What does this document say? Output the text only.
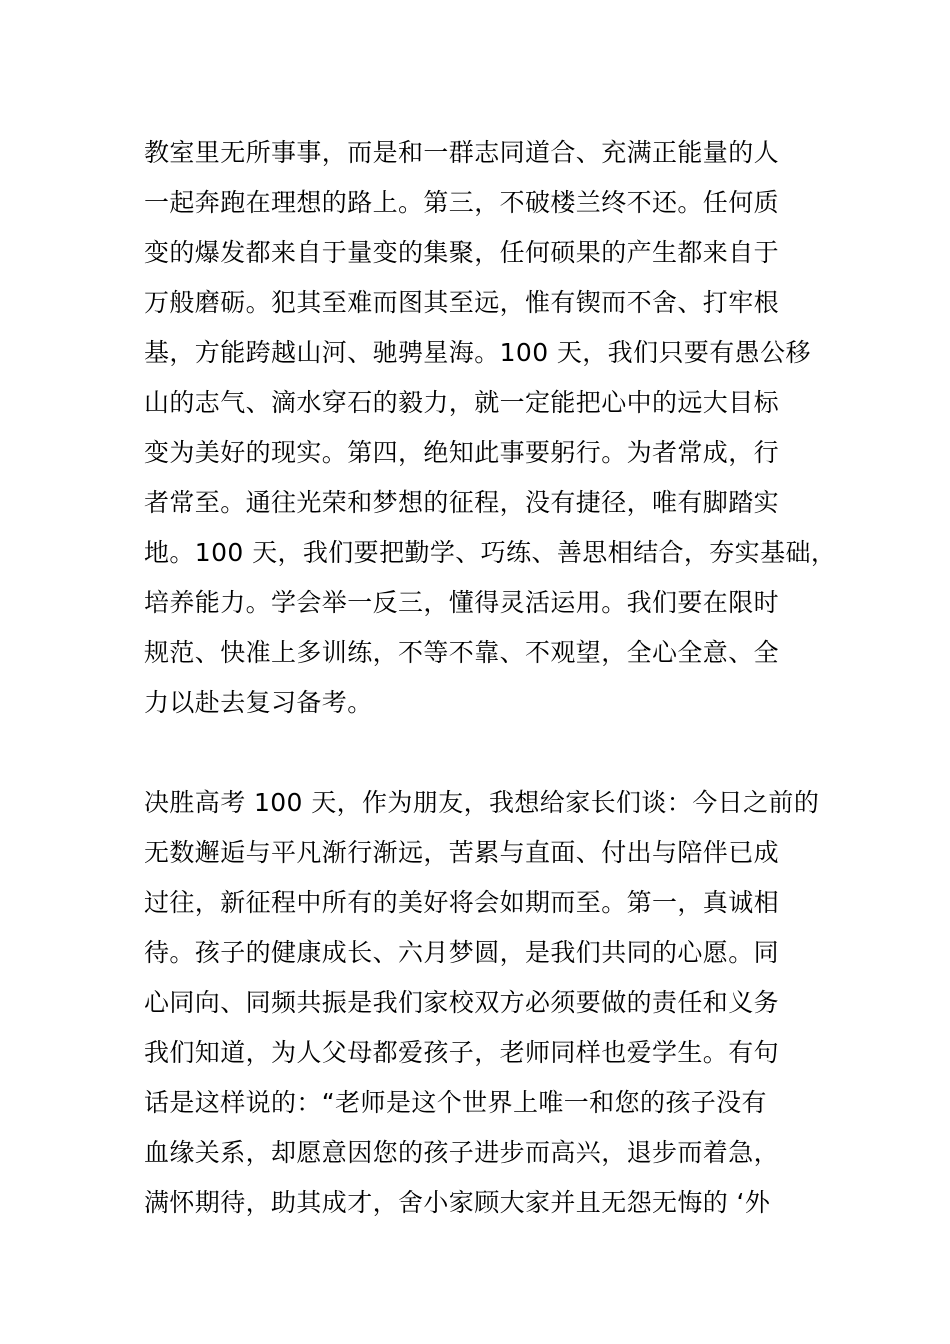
教室里无所事事，而是和一群志同道合、充满正能量的人
一起奔跑在理想的路上。第三，不破楼兰终不还。任何质
变的爆发都来自于量变的集聚，任何硕果的产生都来自于
万般磨砺。犯其至难而图其至远，惟有锲而不舍、打牢根
基，方能跨越山河、驰骋星海。100 天，我们只要有愚公移
山的志气、滴水穿石的毅力，就一定能把心中的远大目标
变为美好的现实。第四，绝知此事要躬行。为者常成，行
者常至。通往光荣和梦想的征程，没有捷径，唯有脚踏实
地。100 天，我们要把勤学、巧练、善思相结合，夯实基础，
培养能力。学会举一反三，懂得灵活运用。我们要在限时
规范、快准上多训练，不等不靠、不观望，全心全意、全
力以赴去复习备考。
决胜高考 100 天，作为朋友，我想给家长们谈：今日之前的
无数邂逅与平凡渐行渐远，苦累与直面、付出与陪伴已成
过往，新征程中所有的美好将会如期而至。第一，真诚相
待。孩子的健康成长、六月梦圆，是我们共同的心愿。同
心同向、同频共振是我们家校双方必须要做的责任和义务
我们知道，为人父母都爱孩子，老师同样也爱学生。有句
话是这样说的：“老师是这个世界上唯一和您的孩子没有
血缘关系，却愿意因您的孩子进步而高兴，退步而着急，
满怀期待，助其成才，舍小家顾大家并且无怨无悔的 ‘外
